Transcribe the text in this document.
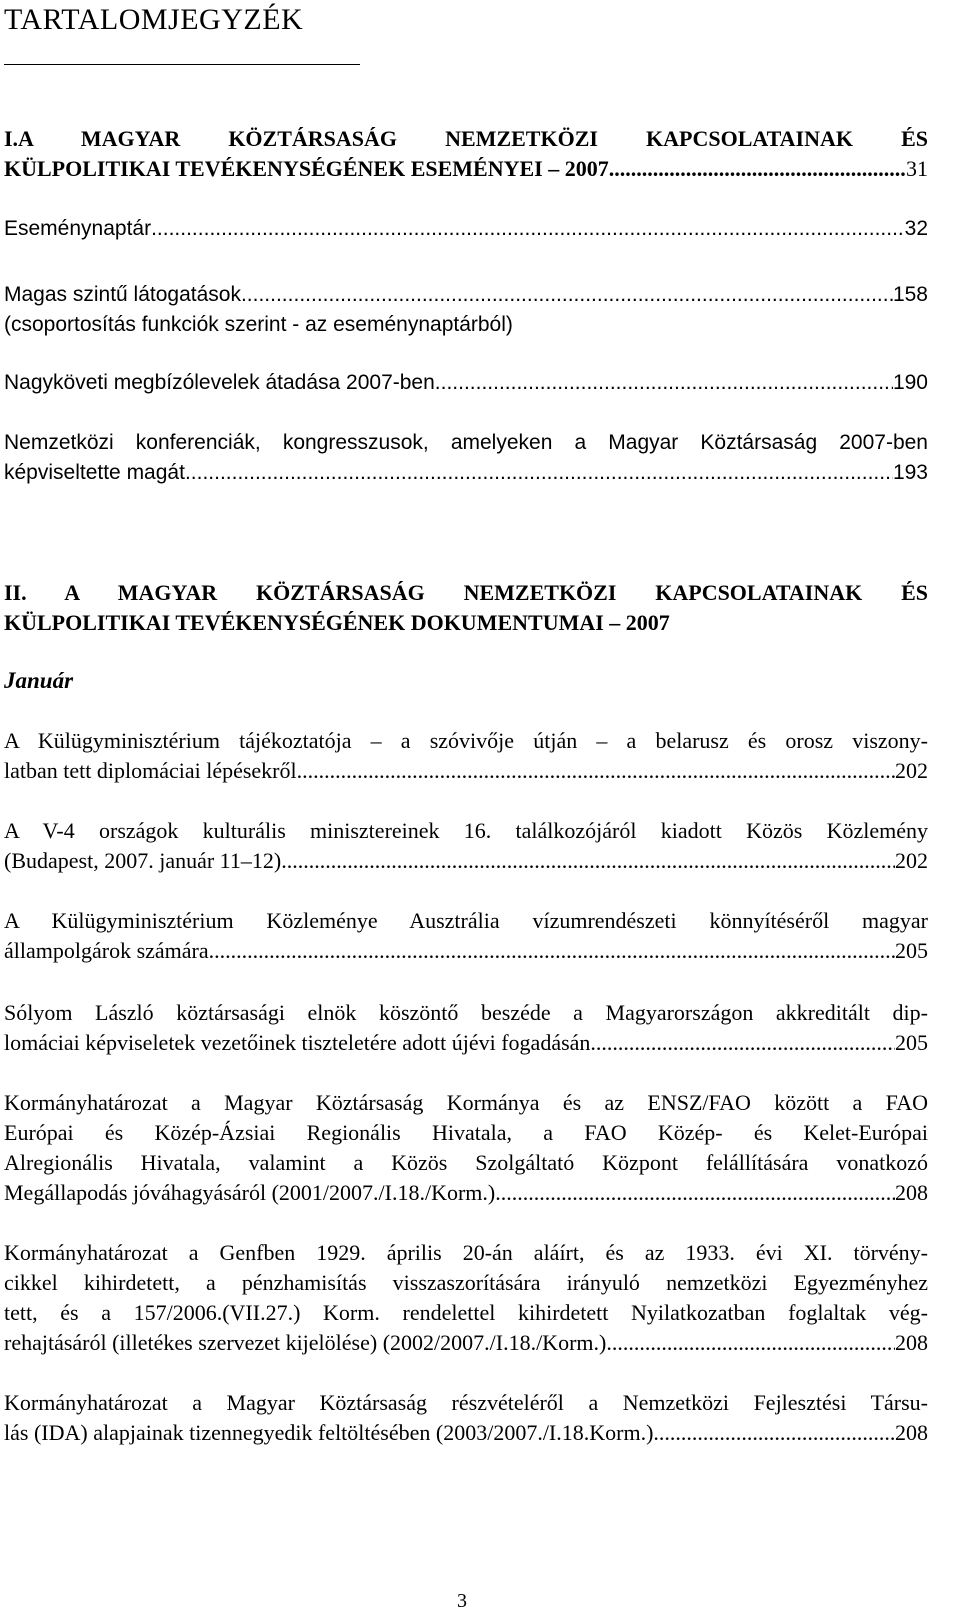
TARTALOMJEGYZÉK
I.A MAGYAR KÖZTÁRSASÁG NEMZETKÖZI KAPCSOLATAINAK ÉS
KÜLPOLITIKAI TEVÉKENYSÉGÉNEK ESEMÉNYEI – 2007 .....	31
Eseménynaptár .....	32
Magas szintű látogatások .....	158
(csoportosítás funkciók szerint - az eseménynaptárból)
Nagyköveti megbízólevelek átadása 2007-ben .....	190
Nemzetközi konferenciák, kongresszusok, amelyeken a Magyar Köztársaság 2007-ben
képviseltette magát .....	193
II. A MAGYAR KÖZTÁRSASÁG NEMZETKÖZI KAPCSOLATAINAK ÉS
KÜLPOLITIKAI TEVÉKENYSÉGÉNEK DOKUMENTUMAI – 2007
Január
A Külügyminisztérium tájékoztatója – a szóvivője útján – a belarusz és orosz viszony-
latban tett diplomáciai lépésekről .....	202
A V-4 országok kulturális minisztereinek 16. találkozójáról kiadott Közös Közlemény
(Budapest, 2007. január 11–12) .....	202
A Külügyminisztérium Közleménye Ausztrália vízumrendészeti könnyítéséről magyar
állampolgárok számára .....	205
Sólyom László köztársasági elnök köszöntő beszéde a Magyarországon akkreditált dip-
lomáciai képviseletek vezetőinek tiszteletére adott újévi fogadásán .....	205
Kormányhatározat a Magyar Köztársaság Kormánya és az ENSZ/FAO között a FAO
Európai és Közép-Ázsiai Regionális Hivatala, a FAO Közép- és Kelet-Európai
Alregionális Hivatala, valamint a Közös Szolgáltató Központ felállítására vonatkozó
Megállapodás jóváhagyásáról (2001/2007./I.18./Korm.) .....	208
Kormányhatározat a Genfben 1929. április 20-án aláírt, és az 1933. évi XI. törvény-
cikkel kihirdetett, a pénzhamisítás visszaszorítására irányuló nemzetközi Egyezményhez
tett, és a 157/2006.(VII.27.) Korm. rendelettel kihirdetett Nyilatkozatban foglaltak vég-
rehajtásáról (illetékes szervezet kijelölése) (2002/2007./I.18./Korm.) .....	208
Kormányhatározat a Magyar Köztársaság részvételéről a Nemzetközi Fejlesztési Társu-
lás (IDA) alapjainak tizennegyedik feltöltésében (2003/2007./I.18.Korm.) .....	208
3
